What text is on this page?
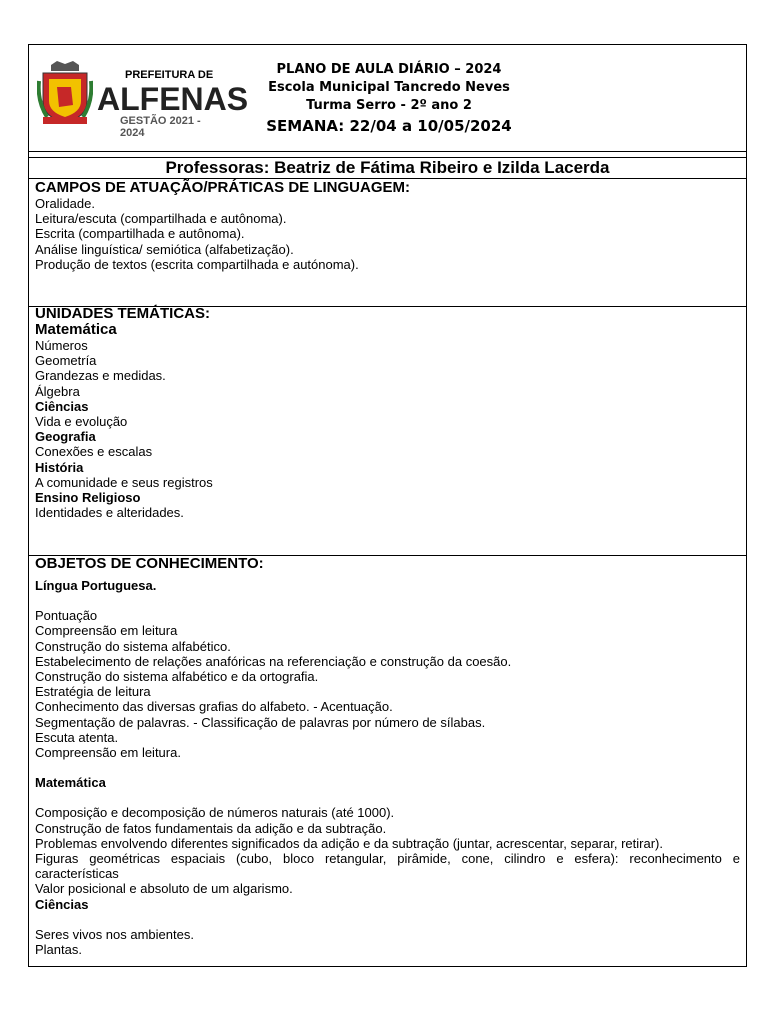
PREFEITURA DE
ALFENAS
GESTÃO 2021 - 2024
PLANO DE AULA DIÁRIO – 2024
Escola Municipal Tancredo Neves
Turma Serro - 2º ano 2
SEMANA: 22/04 a 10/05/2024
Professoras: Beatriz de Fátima Ribeiro e Izilda Lacerda
CAMPOS DE ATUAÇÃO/PRÁTICAS DE LINGUAGEM:
Oralidade.
Leitura/escuta (compartilhada e autônoma).
Escrita (compartilhada e autônoma).
Análise linguística/ semiótica (alfabetização).
Produção de textos (escrita compartilhada e autónoma).
UNIDADES TEMÁTICAS:
Matemática
Números
Geometría
Grandezas e medidas.
Álgebra
Ciências
Vida e evolução
Geografia
Conexões e escalas
História
A comunidade e seus registros
Ensino Religioso
Identidades e alteridades.
OBJETOS DE CONHECIMENTO:
Língua Portuguesa.
Pontuação
Compreensão em leitura
Construção do sistema alfabético.
Estabelecimento de relações anafóricas na referenciação e construção da coesão.
Construção do sistema alfabético e da ortografia.
Estratégia de leitura
Conhecimento das diversas grafias do alfabeto. - Acentuação.
Segmentação de palavras. - Classificação de palavras por número de sílabas.
Escuta atenta.
Compreensão em leitura.
Matemática
Composição e decomposição de números naturais (até 1000).
Construção de fatos fundamentais da adição e da subtração.
Problemas envolvendo diferentes significados da adição e da subtração (juntar, acrescentar, separar, retirar).
Figuras geométricas espaciais (cubo, bloco retangular, pirâmide, cone, cilindro e esfera): reconhecimento e características
Valor posicional e absoluto de um algarismo.
Ciências
Seres vivos nos ambientes.
Plantas.
